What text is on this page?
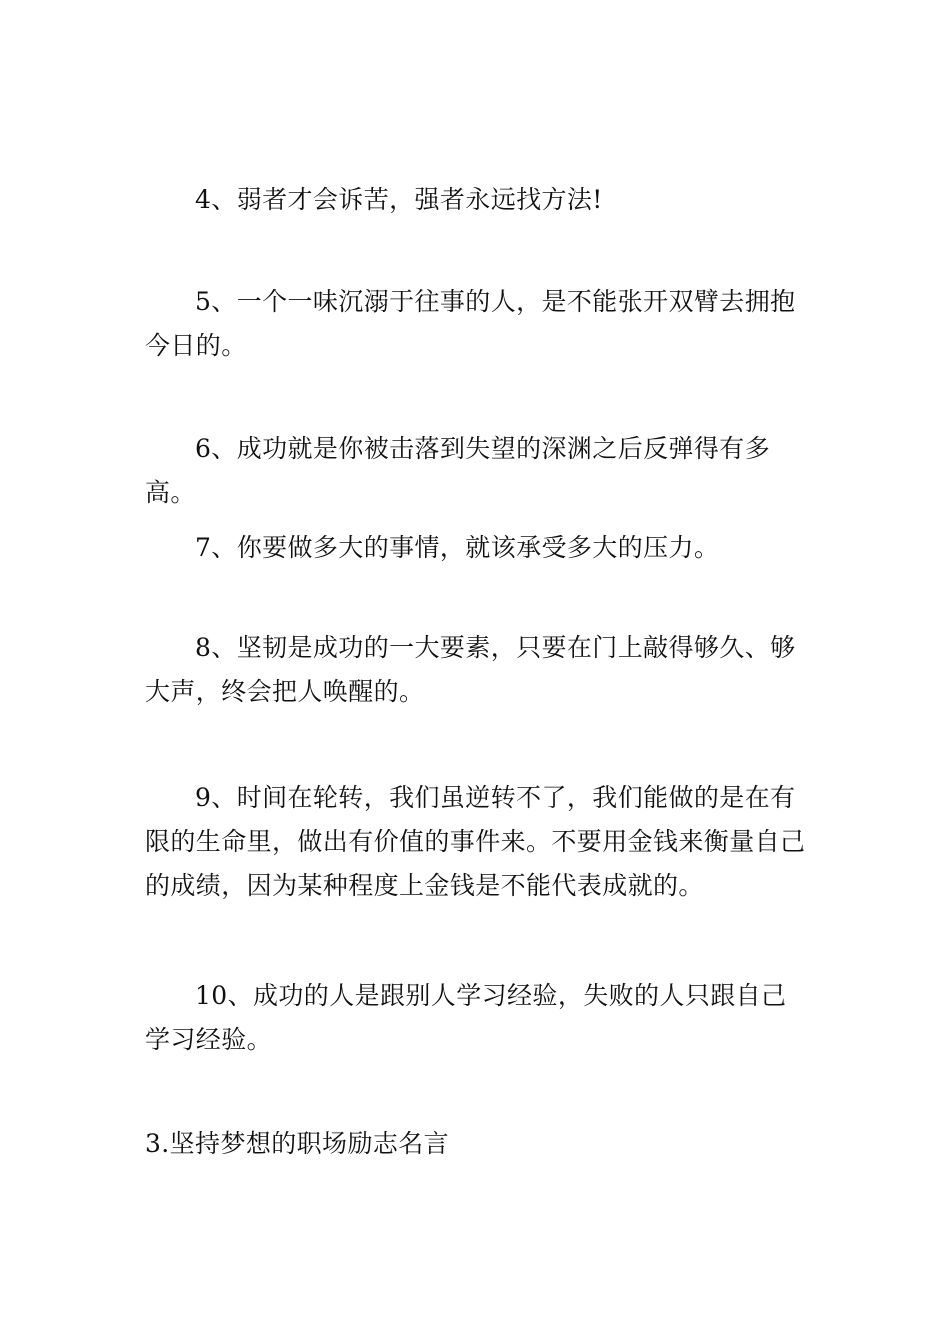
4、弱者才会诉苦，强者永远找方法!

5、一个一味沉溺于往事的人，是不能张开双臂去拥抱今日的。

6、成功就是你被击落到失望的深渊之后反弹得有多高。

7、你要做多大的事情，就该承受多大的压力。

8、坚韧是成功的一大要素，只要在门上敲得够久、够大声，终会把人唤醒的。

9、时间在轮转，我们虽逆转不了，我们能做的是在有限的生命里，做出有价值的事件来。不要用金钱来衡量自己的成绩，因为某种程度上金钱是不能代表成就的。

10、成功的人是跟别人学习经验，失败的人只跟自己学习经验。

3.坚持梦想的职场励志名言
